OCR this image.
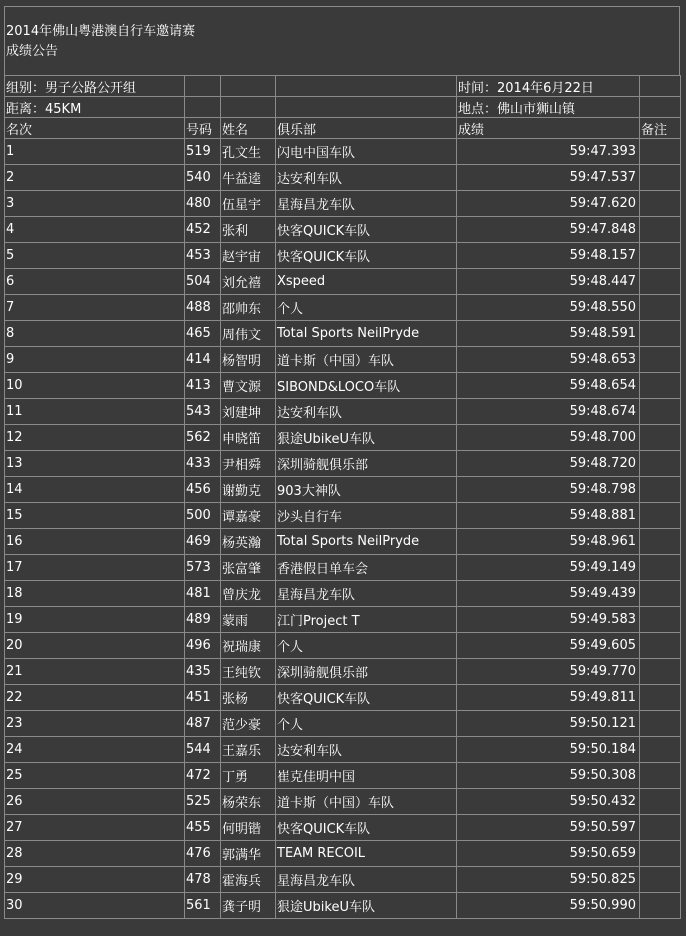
2014年佛山粤港澳自行车邀请赛
成绩公告
组别：男子公路公开组				时间：2014年6月22日	
距离：45KM				地点：佛山市狮山镇	
名次	号码	姓名	俱乐部	成绩	备注
1	519	孔文生	闪电中国车队	59:47.393	
2	540	牛益逵	达安利车队	59:47.537	
3	480	伍星宇	星海昌龙车队	59:47.620	
4	452	张利	快客QUICK车队	59:47.848	
5	453	赵宇宙	快客QUICK车队	59:48.157	
6	504	刘允禧	Xspeed	59:48.447	
7	488	邵帅东	个人	59:48.550	
8	465	周伟文	Total Sports NeilPryde	59:48.591	
9	414	杨智明	道卡斯（中国）车队	59:48.653	
10	413	曹文源	SIBOND&LOCO车队	59:48.654	
11	543	刘建坤	达安利车队	59:48.674	
12	562	申晓笛	狠途UbikeU车队	59:48.700	
13	433	尹相舜	深圳骑舰俱乐部	59:48.720	
14	456	谢勤克	903大神队	59:48.798	
15	500	谭嘉豪	沙头自行车	59:48.881	
16	469	杨英瀚	Total Sports NeilPryde	59:48.961	
17	573	张富肇	香港假日单车会	59:49.149	
18	481	曾庆龙	星海昌龙车队	59:49.439	
19	489	蒙雨	江门Project T	59:49.583	
20	496	祝瑞康	个人	59:49.605	
21	435	王纯钦	深圳骑舰俱乐部	59:49.770	
22	451	张杨	快客QUICK车队	59:49.811	
23	487	范少豪	个人	59:50.121	
24	544	王嘉乐	达安利车队	59:50.184	
25	472	丁勇	崔克佳明中国	59:50.308	
26	525	杨荣东	道卡斯（中国）车队	59:50.432	
27	455	何明锴	快客QUICK车队	59:50.597	
28	476	郭满华	TEAM RECOIL	59:50.659	
29	478	霍海兵	星海昌龙车队	59:50.825	
30	561	龚子明	狠途UbikeU车队	59:50.990	
